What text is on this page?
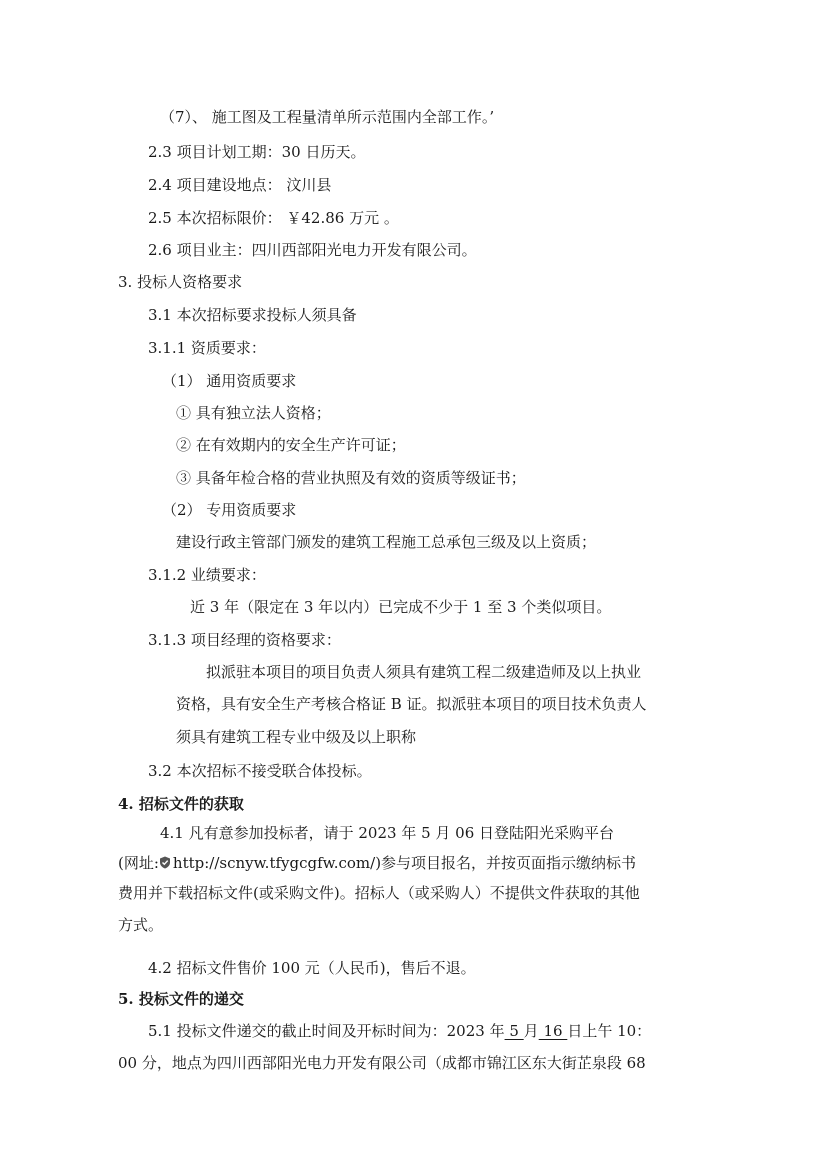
（7）、 施工图及工程量清单所示范围内全部工作。’
2.3 项目计划工期：30 日历天。
2.4 项目建设地点： 汶川县
2.5 本次招标限价： ￥42.86 万元 。
2.6 项目业主：四川西部阳光电力开发有限公司。
3. 投标人资格要求
3.1 本次招标要求投标人须具备
3.1.1 资质要求：
（1） 通用资质要求
① 具有独立法人资格；
② 在有效期内的安全生产许可证；
③ 具备年检合格的营业执照及有效的资质等级证书；
（2） 专用资质要求
建设行政主管部门颁发的建筑工程施工总承包三级及以上资质；
3.1.2 业绩要求：
近 3 年（限定在 3 年以内）已完成不少于 1 至 3 个类似项目。
3.1.3 项目经理的资格要求：
拟派驻本项目的项目负责人须具有建筑工程二级建造师及以上执业
资格，具有安全生产考核合格证 B 证。拟派驻本项目的项目技术负责人
须具有建筑工程专业中级及以上职称
3.2 本次招标不接受联合体投标。
4. 招标文件的获取
4.1 凡有意参加投标者，请于 2023 年 5 月 06 日登陆阳光采购平台
(网址: http://scnyw.tfygcgfw.com/)参与项目报名，并按页面指示缴纳标书
费用并下载招标文件(或采购文件)。招标人（或采购人）不提供文件获取的其他
方式。
4.2 招标文件售价 100 元（人民币)，售后不退。
5. 投标文件的递交
5.1 投标文件递交的截止时间及开标时间为：2023 年 5 月 16 日上午 10：
00 分，地点为四川西部阳光电力开发有限公司（成都市锦江区东大街芷泉段 68
